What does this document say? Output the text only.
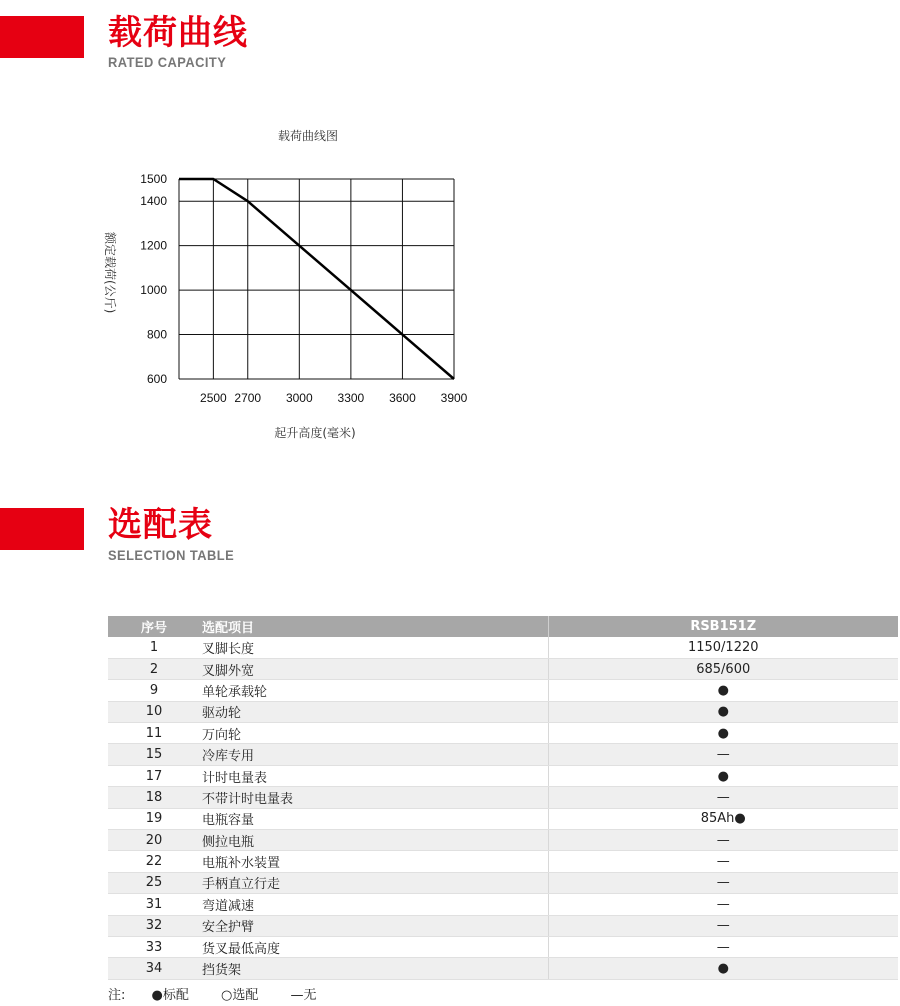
载荷曲线
RATED CAPACITY
载荷曲线图
1500
1400
1200
1000
800
600
2500 2700 3000 3300 3600 3900
额定载荷(公斤)
起升高度(毫米)
选配表
SELECTION TABLE
序号	选配项目	RSB151Z
1	叉脚长度	1150/1220
2	叉脚外宽	685/600
9	单轮承载轮	●
10	驱动轮	●
11	万向轮	●
15	冷库专用	—
17	计时电量表	●
18	不带计时电量表	—
19	电瓶容量	85Ah●
20	侧拉电瓶	—
22	电瓶补水装置	—
25	手柄直立行走	—
31	弯道减速	—
32	安全护臂	—
33	货叉最低高度	—
34	挡货架	●
注: ●标配 ○选配 —无
